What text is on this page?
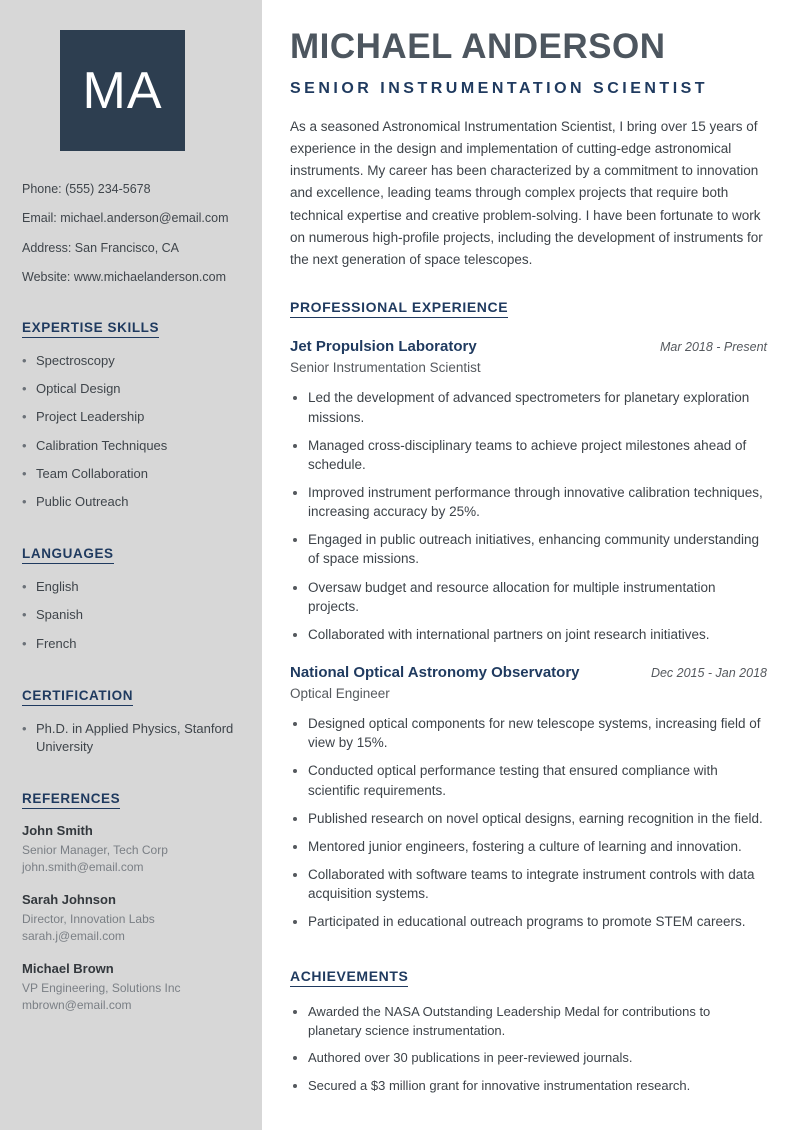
MA

Phone: (555) 234-5678

Email: michael.anderson@email.com

Address: San Francisco, CA

Website: www.michaelanderson.com

EXPERTISE SKILLS
• Spectroscopy
• Optical Design
• Project Leadership
• Calibration Techniques
• Team Collaboration
• Public Outreach
LANGUAGES
• English
• Spanish
• French
CERTIFICATION
• Ph.D. in Applied Physics, Stanford University
REFERENCES
John Smith
Senior Manager, Tech Corp
john.smith@email.com
Sarah Johnson
Director, Innovation Labs
sarah.j@email.com
Michael Brown
VP Engineering, Solutions Inc
mbrown@email.com
MICHAEL ANDERSON
SENIOR INSTRUMENTATION SCIENTIST

As a seasoned Astronomical Instrumentation Scientist, I bring over 15 years of experience in the design and implementation of cutting-edge astronomical instruments. My career has been characterized by a commitment to innovation and excellence, leading teams through complex projects that require both technical expertise and creative problem-solving. I have been fortunate to work on numerous high-profile projects, including the development of instruments for the next generation of space telescopes.

PROFESSIONAL EXPERIENCE
Jet Propulsion Laboratory	Mar 2018 - Present
Senior Instrumentation Scientist
• Led the development of advanced spectrometers for planetary exploration missions.
• Managed cross-disciplinary teams to achieve project milestones ahead of schedule.
• Improved instrument performance through innovative calibration techniques, increasing accuracy by 25%.
• Engaged in public outreach initiatives, enhancing community understanding of space missions.
• Oversaw budget and resource allocation for multiple instrumentation projects.
• Collaborated with international partners on joint research initiatives.
National Optical Astronomy Observatory	Dec 2015 - Jan 2018
Optical Engineer
• Designed optical components for new telescope systems, increasing field of view by 15%.
• Conducted optical performance testing that ensured compliance with scientific requirements.
• Published research on novel optical designs, earning recognition in the field.
• Mentored junior engineers, fostering a culture of learning and innovation.
• Collaborated with software teams to integrate instrument controls with data acquisition systems.
• Participated in educational outreach programs to promote STEM careers.
ACHIEVEMENTS
• Awarded the NASA Outstanding Leadership Medal for contributions to planetary science instrumentation.
• Authored over 30 publications in peer-reviewed journals.
• Secured a $3 million grant for innovative instrumentation research.
